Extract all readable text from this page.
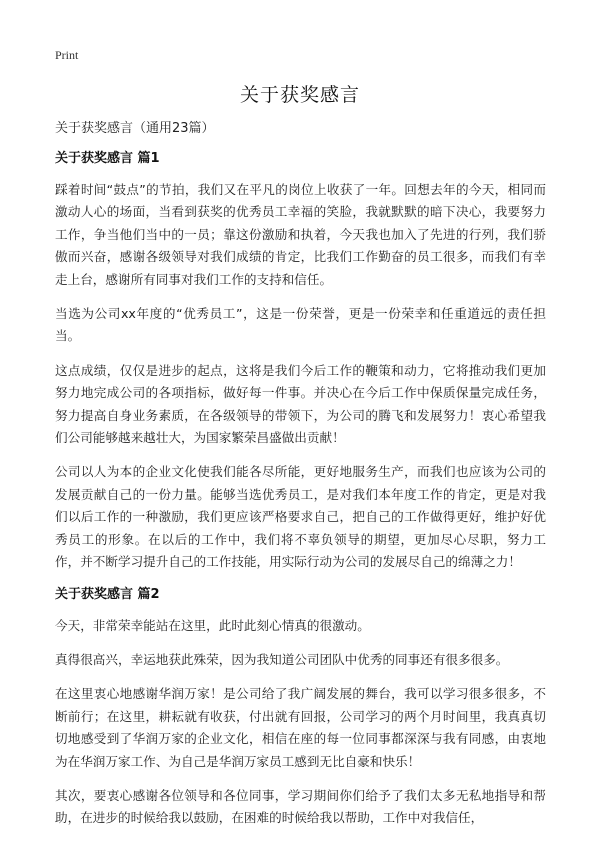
Print
关于获奖感言

关于获奖感言（通用23篇）

关于获奖感言 篇1

踩着时间“鼓点”的节拍，我们又在平凡的岗位上收获了一年。回想去年的今天，相同而激动人心的场面，当看到获奖的优秀员工幸福的笑脸，我就默默的暗下决心，我要努力工作，争当他们当中的一员；靠这份激励和执着，今天我也加入了先进的行列，我们骄傲而兴奋，感谢各级领导对我们成绩的肯定，比我们工作勤奋的员工很多，而我们有幸走上台，感谢所有同事对我们工作的支持和信任。

当选为公司xx年度的“优秀员工”，这是一份荣誉，更是一份荣幸和任重道远的责任担当。

这点成绩，仅仅是进步的起点，这将是我们今后工作的鞭策和动力，它将推动我们更加努力地完成公司的各项指标，做好每一件事。并决心在今后工作中保质保量完成任务，努力提高自身业务素质，在各级领导的带领下，为公司的腾飞和发展努力！衷心希望我们公司能够越来越壮大，为国家繁荣昌盛做出贡献！

公司以人为本的企业文化使我们能各尽所能，更好地服务生产，而我们也应该为公司的发展贡献自己的一份力量。能够当选优秀员工，是对我们本年度工作的肯定，更是对我们以后工作的一种激励，我们更应该严格要求自己，把自己的工作做得更好，维护好优秀员工的形象。在以后的工作中，我们将不辜负领导的期望，更加尽心尽职，努力工作，并不断学习提升自己的工作技能，用实际行动为公司的发展尽自己的绵薄之力！

关于获奖感言 篇2

今天，非常荣幸能站在这里，此时此刻心情真的很激动。

真得很高兴，幸运地获此殊荣，因为我知道公司团队中优秀的同事还有很多很多。

在这里衷心地感谢华润万家！是公司给了我广阔发展的舞台，我可以学习很多很多，不断前行；在这里，耕耘就有收获，付出就有回报，公司学习的两个月时间里，我真真切切地感受到了华润万家的企业文化，相信在座的每一位同事都深深与我有同感，由衷地为在华润万家工作、为自己是华润万家员工感到无比自豪和快乐！

其次，要衷心感谢各位领导和各位同事，学习期间你们给予了我们太多无私地指导和帮助，在进步的时候给我以鼓励，在困难的时候给我以帮助，工作中对我信任，
